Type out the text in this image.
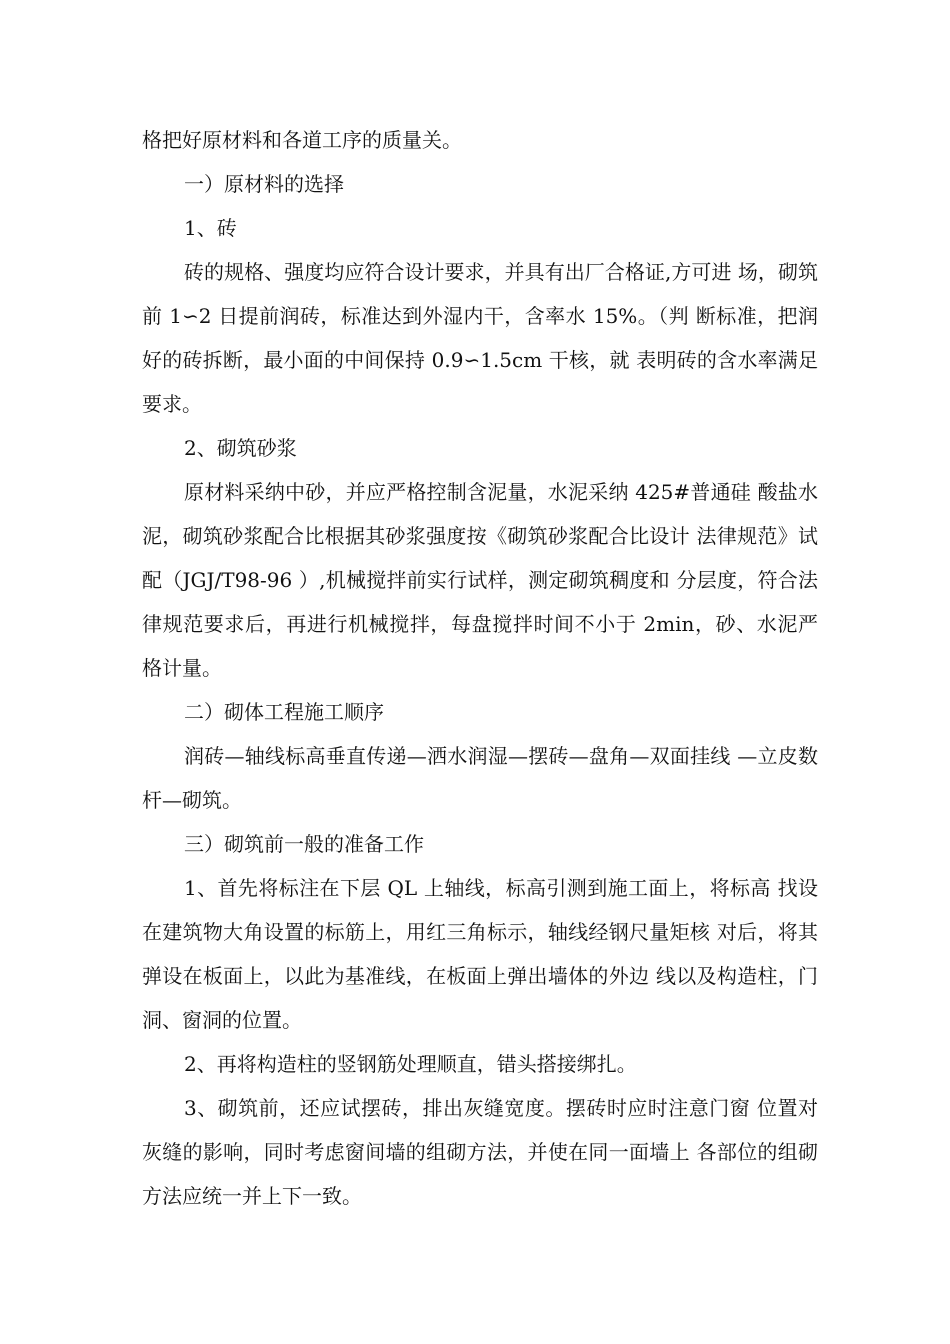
格把好原材料和各道工序的质量关。

一）原材料的选择

1、砖

砖的规格、强度均应符合设计要求，并具有出厂合格证,方可进 场，砌筑前 1∽2 日提前润砖，标准达到外湿内干，含率水 15%。（判 断标准，把润好的砖拆断，最小面的中间保持 0.9∽1.5cm 干核，就 表明砖的含水率满足要求。

2、砌筑砂浆

原材料采纳中砂，并应严格控制含泥量，水泥采纳 425#普通硅 酸盐水泥，砌筑砂浆配合比根据其砂浆强度按《砌筑砂浆配合比设计 法律规范》试配（JGJ/T98-96 ）,机械搅拌前实行试样，测定砌筑稠度和 分层度，符合法律规范要求后，再进行机械搅拌，每盘搅拌时间不小于 2min，砂、水泥严格计量。

二）砌体工程施工顺序

润砖—轴线标高垂直传递—洒水润湿—摆砖—盘角—双面挂线 —立皮数杆—砌筑。

三）砌筑前一般的准备工作

1、首先将标注在下层 QL 上轴线，标高引测到施工面上，将标高 找设在建筑物大角设置的标筋上，用红三角标示，轴线经钢尺量矩核 对后，将其弹设在板面上，以此为基准线，在板面上弹出墙体的外边 线以及构造柱，门洞、窗洞的位置。

2、再将构造柱的竖钢筋处理顺直，错头搭接绑扎。

3、砌筑前，还应试摆砖，排出灰缝宽度。摆砖时应时注意门窗 位置对灰缝的影响，同时考虑窗间墙的组砌方法，并使在同一面墙上 各部位的组砌方法应统一并上下一致。
